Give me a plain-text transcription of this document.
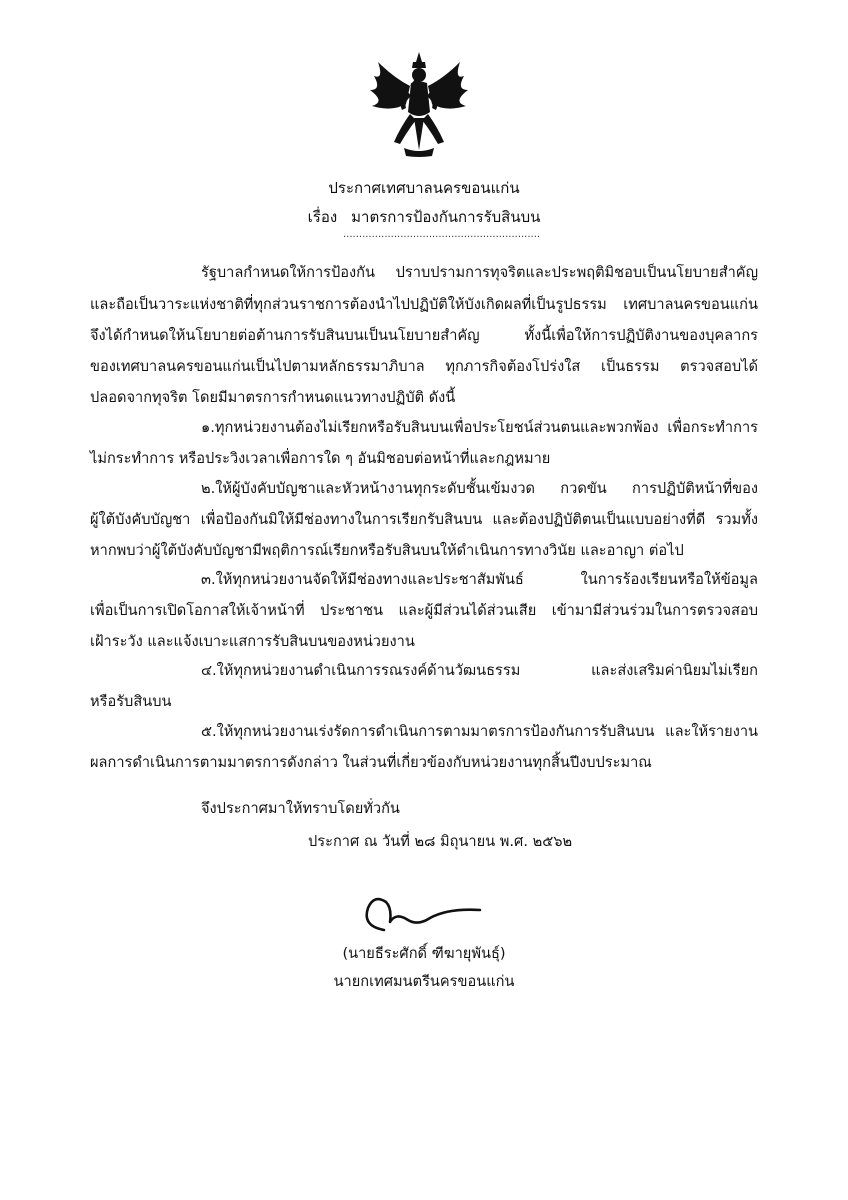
ประกาศเทศบาลนครขอนแก่น
เรื่อง มาตรการป้องกันการรับสินบน
..............................................................
รัฐบาลกำหนดให้การป้องกัน ปราบปรามการทุจริตและประพฤติมิชอบเป็นนโยบายสำคัญ
และถือเป็นวาระแห่งชาติที่ทุกส่วนราชการต้องนำไปปฏิบัติให้บังเกิดผลที่เป็นรูปธรรม เทศบาลนครขอนแก่น
จึงได้กำหนดให้นโยบายต่อต้านการรับสินบนเป็นนโยบายสำคัญ ทั้งนี้เพื่อให้การปฏิบัติงานของบุคลากร
ของเทศบาลนครขอนแก่นเป็นไปตามหลักธรรมาภิบาล ทุกภารกิจต้องโปร่งใส เป็นธรรม ตรวจสอบได้
ปลอดจากทุจริต โดยมีมาตรการกำหนดแนวทางปฏิบัติ ดังนี้
๑.ทุกหน่วยงานต้องไม่เรียกหรือรับสินบนเพื่อประโยชน์ส่วนตนและพวกพ้อง เพื่อกระทำการ
ไม่กระทำการ หรือประวิงเวลาเพื่อการใด ๆ อันมิชอบต่อหน้าที่และกฎหมาย
๒.ให้ผู้บังคับบัญชาและหัวหน้างานทุกระดับชั้นเข้มงวด กวดขัน การปฏิบัติหน้าที่ของ
ผู้ใต้บังคับบัญชา เพื่อป้องกันมิให้มีช่องทางในการเรียกรับสินบน และต้องปฏิบัติตนเป็นแบบอย่างที่ดี รวมทั้ง
หากพบว่าผู้ใต้บังคับบัญชามีพฤติการณ์เรียกหรือรับสินบนให้ดำเนินการทางวินัย และอาญา ต่อไป
๓.ให้ทุกหน่วยงานจัดให้มีช่องทางและประชาสัมพันธ์ ในการร้องเรียนหรือให้ข้อมูล
เพื่อเป็นการเปิดโอกาสให้เจ้าหน้าที่ ประชาชน และผู้มีส่วนได้ส่วนเสีย เข้ามามีส่วนร่วมในการตรวจสอบ
เฝ้าระวัง และแจ้งเบาะแสการรับสินบนของหน่วยงาน
๔.ให้ทุกหน่วยงานดำเนินการรณรงค์ด้านวัฒนธรรม และส่งเสริมค่านิยมไม่เรียก
หรือรับสินบน
๕.ให้ทุกหน่วยงานเร่งรัดการดำเนินการตามมาตรการป้องกันการรับสินบน และให้รายงาน
ผลการดำเนินการตามมาตรการดังกล่าว ในส่วนที่เกี่ยวข้องกับหน่วยงานทุกสิ้นปีงบประมาณ
จึงประกาศมาให้ทราบโดยทั่วกัน
ประกาศ ณ วันที่ ๒๘ มิถุนายน พ.ศ. ๒๕๖๒
(นายธีระศักดิ์ ฑีฆายุพันธุ์)
นายกเทศมนตรีนครขอนแก่น
